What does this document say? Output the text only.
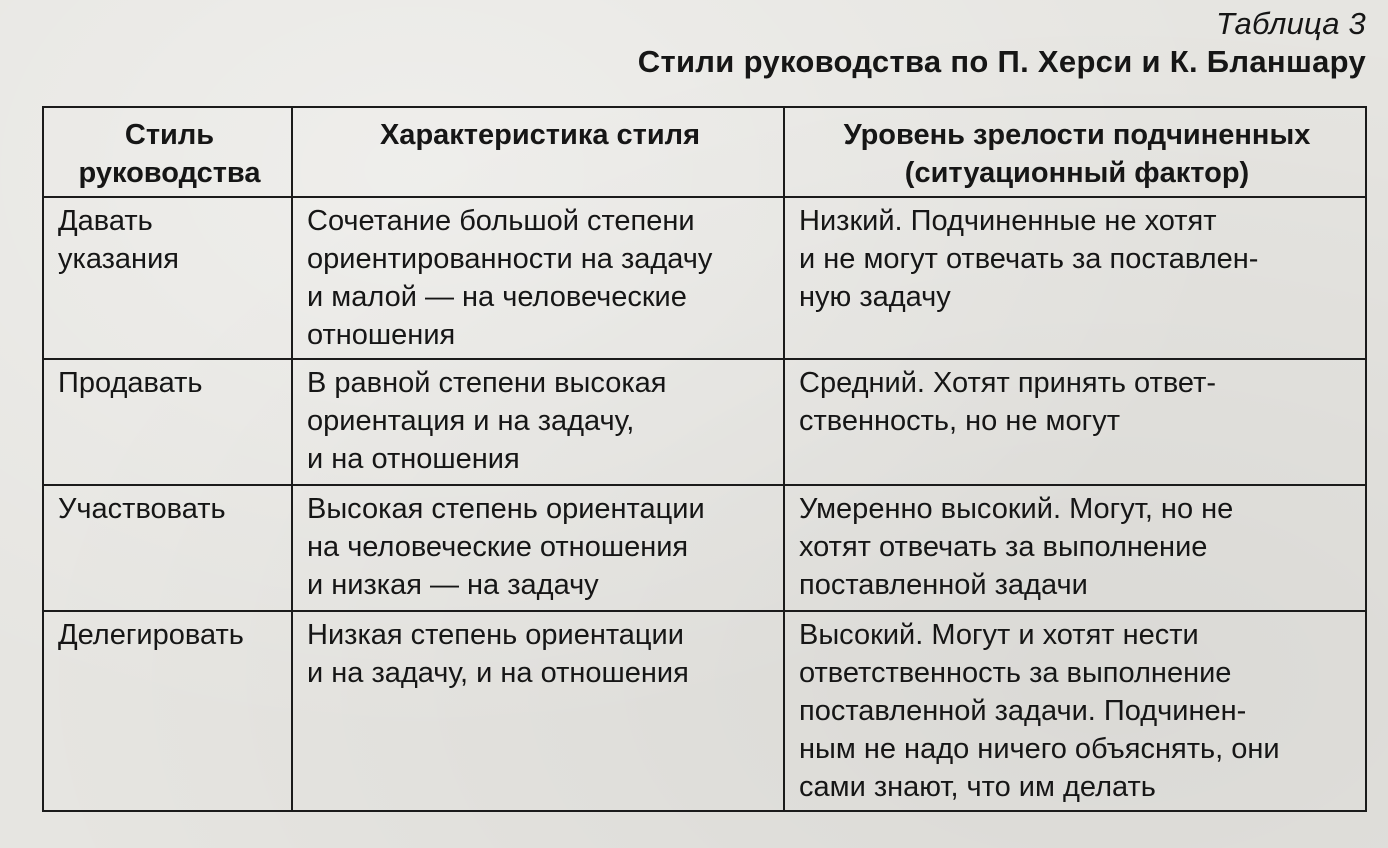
Таблица 3
Стили руководства по П. Херси и К. Бланшару
Стиль
руководства	Характеристика стиля	Уровень зрелости подчиненных
(ситуационный фактор)

Давать
указания	Сочетание большой степени
ориентированности на задачу
и малой — на человеческие
отношения	Низкий. Подчиненные не хотят
и не могут отвечать за поставлен-
ную задачу

Продавать	В равной степени высокая
ориентация и на задачу,
и на отношения	Средний. Хотят принять ответ-
ственность, но не могут

Участвовать	Высокая степень ориентации
на человеческие отношения
и низкая — на задачу	Умеренно высокий. Могут, но не
хотят отвечать за выполнение
поставленной задачи

Делегировать	Низкая степень ориентации
и на задачу, и на отношения	Высокий. Могут и хотят нести
ответственность за выполнение
поставленной задачи. Подчинен-
ным не надо ничего объяснять, они
сами знают, что им делать
